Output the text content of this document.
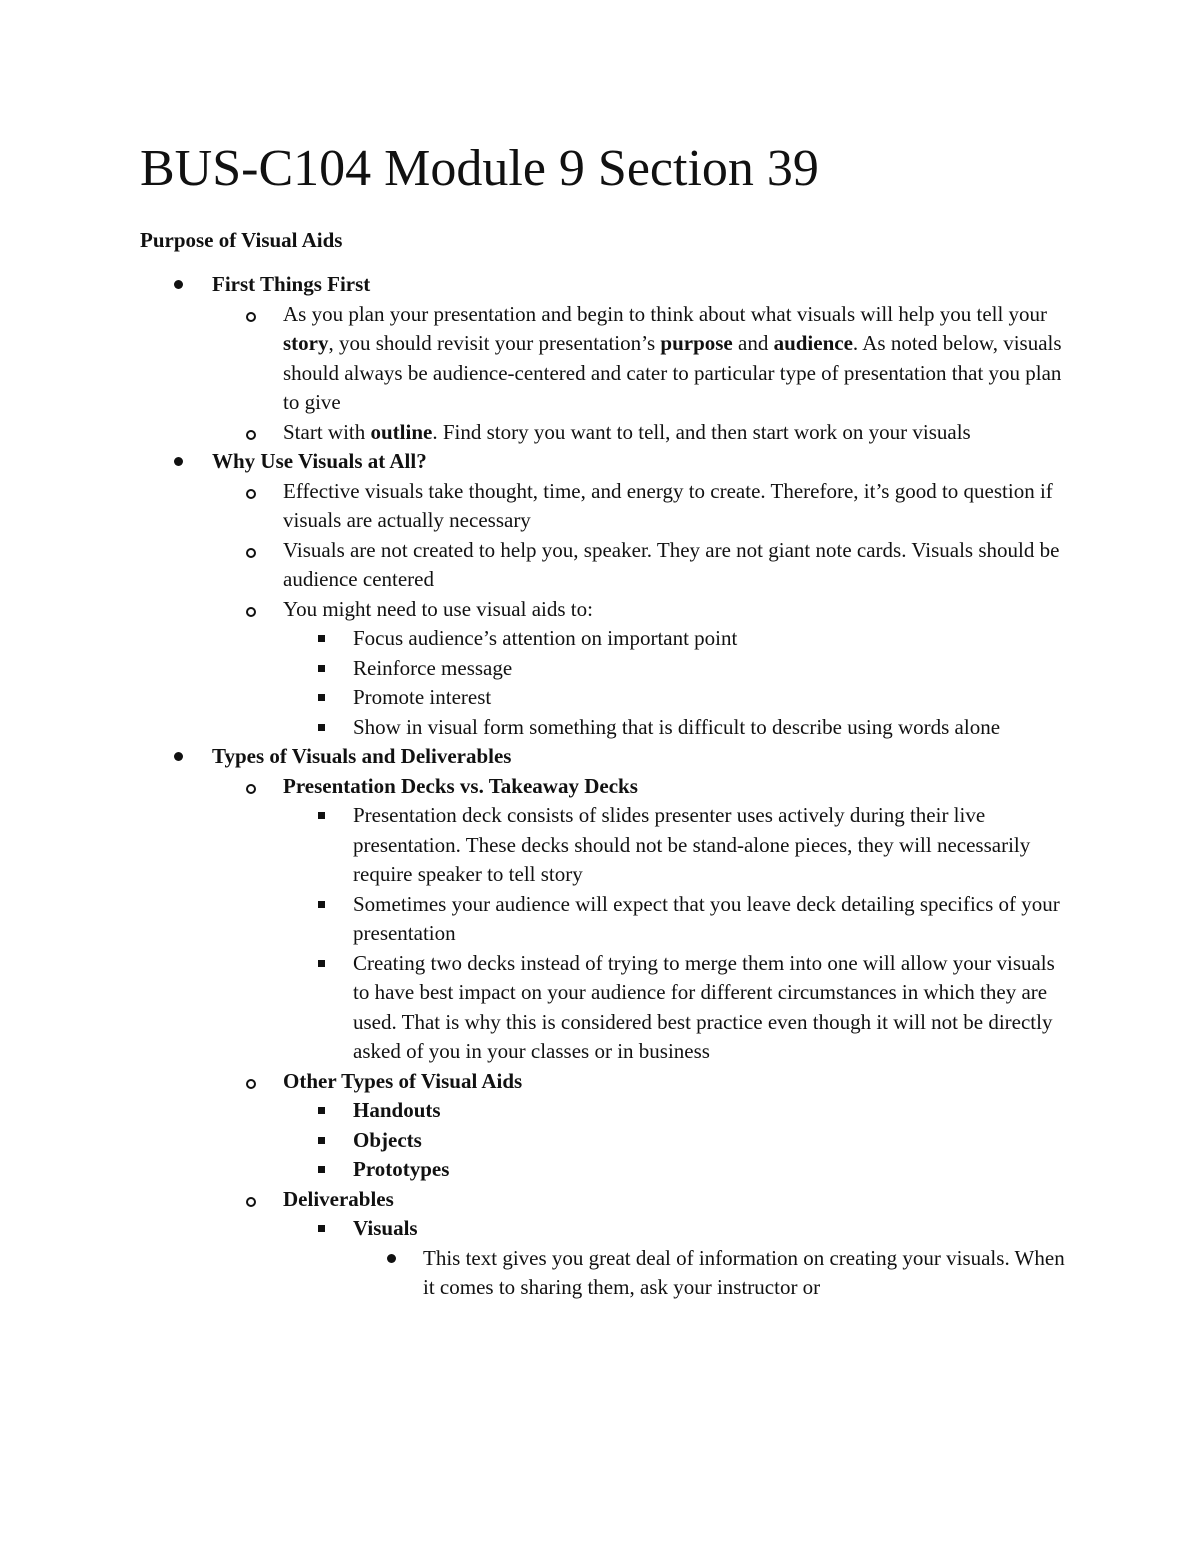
BUS-C104 Module 9 Section 39
Purpose of Visual Aids
First Things First
As you plan your presentation and begin to think about what visuals will help you tell your story, you should revisit your presentation’s purpose and audience. As noted below, visuals should always be audience-centered and cater to particular type of presentation that you plan to give
Start with outline. Find story you want to tell, and then start work on your visuals
Why Use Visuals at All?
Effective visuals take thought, time, and energy to create. Therefore, it’s good to question if visuals are actually necessary
Visuals are not created to help you, speaker. They are not giant note cards. Visuals should be audience centered
You might need to use visual aids to:
Focus audience’s attention on important point
Reinforce message
Promote interest
Show in visual form something that is difficult to describe using words alone
Types of Visuals and Deliverables
Presentation Decks vs. Takeaway Decks
Presentation deck consists of slides presenter uses actively during their live presentation. These decks should not be stand-alone pieces, they will necessarily require speaker to tell story
Sometimes your audience will expect that you leave deck detailing specifics of your presentation
Creating two decks instead of trying to merge them into one will allow your visuals to have best impact on your audience for different circumstances in which they are used. That is why this is considered best practice even though it will not be directly asked of you in your classes or in business
Other Types of Visual Aids
Handouts
Objects
Prototypes
Deliverables
Visuals
This text gives you great deal of information on creating your visuals. When it comes to sharing them, ask your instructor or
